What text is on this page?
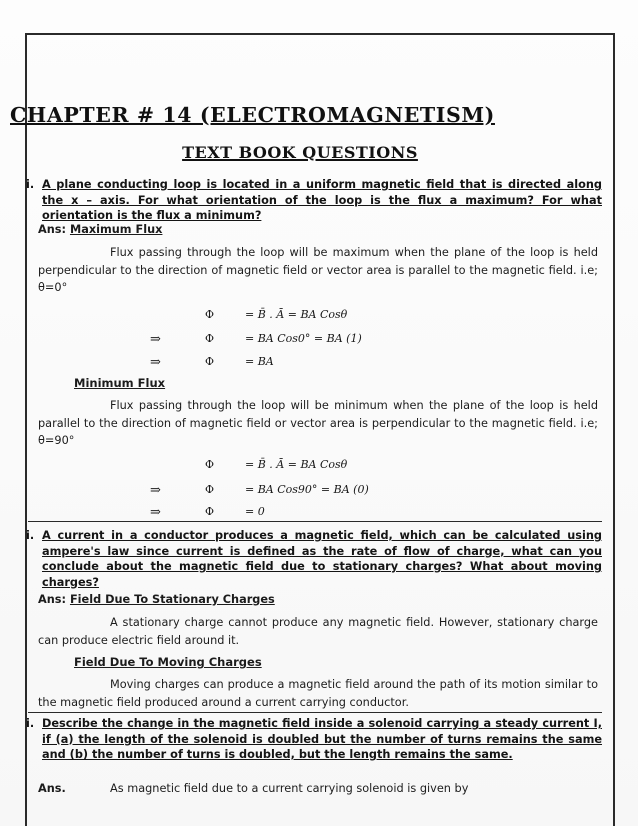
CHAPTER # 14 (ELECTROMAGNETISM)
TEXT BOOK QUESTIONS
i. A plane conducting loop is located in a uniform magnetic field that is directed along the x – axis. For what orientation of the loop is the flux a maximum? For what orientation is the flux a minimum?
Ans: Maximum Flux
Flux passing through the loop will be maximum when the plane of the loop is held perpendicular to the direction of magnetic field or vector area is parallel to the magnetic field. i.e; θ=0°
Φ	= B̄ . Ā = BA Cosθ
⇒	Φ	= BA Cos0° = BA (1)
⇒	Φ	= BA
Minimum Flux
Flux passing through the loop will be minimum when the plane of the loop is held parallel to the direction of magnetic field or vector area is perpendicular to the magnetic field. i.e; θ=90°
Φ	= B̄ . Ā = BA Cosθ
⇒	Φ	= BA Cos90° = BA (0)
⇒	Φ	= 0
i. A current in a conductor produces a magnetic field, which can be calculated using ampere's law since current is defined as the rate of flow of charge, what can you conclude about the magnetic field due to stationary charges? What about moving charges?
Ans: Field Due To Stationary Charges
A stationary charge cannot produce any magnetic field. However, stationary charge can produce electric field around it.
Field Due To Moving Charges
Moving charges can produce a magnetic field around the path of its motion similar to the magnetic field produced around a current carrying conductor.
i. Describe the change in the magnetic field inside a solenoid carrying a steady current I, if (a) the length of the solenoid is doubled but the number of turns remains the same and (b) the number of turns is doubled, but the length remains the same.
Ans.	As magnetic field due to a current carrying solenoid is given by
